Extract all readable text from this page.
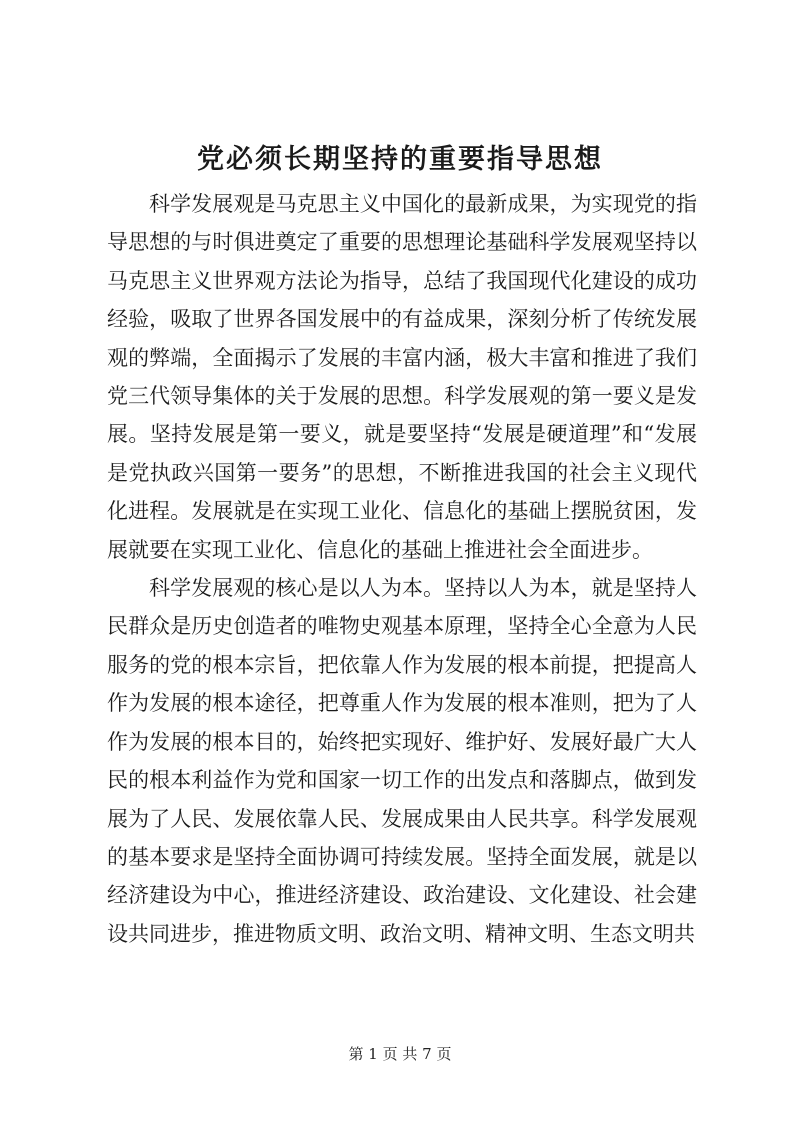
党必须长期坚持的重要指导思想

科学发展观是马克思主义中国化的最新成果，为实现党的指导思想的与时俱进奠定了重要的思想理论基础科学发展观坚持以马克思主义世界观方法论为指导，总结了我国现代化建设的成功经验，吸取了世界各国发展中的有益成果，深刻分析了传统发展观的弊端，全面揭示了发展的丰富内涵，极大丰富和推进了我们党三代领导集体的关于发展的思想。科学发展观的第一要义是发展。坚持发展是第一要义，就是要坚持“发展是硬道理”和“发展是党执政兴国第一要务”的思想，不断推进我国的社会主义现代化进程。发展就是在实现工业化、信息化的基础上摆脱贫困，发展就要在实现工业化、信息化的基础上推进社会全面进步。

科学发展观的核心是以人为本。坚持以人为本，就是坚持人民群众是历史创造者的唯物史观基本原理，坚持全心全意为人民服务的党的根本宗旨，把依靠人作为发展的根本前提，把提高人作为发展的根本途径，把尊重人作为发展的根本准则，把为了人作为发展的根本目的，始终把实现好、维护好、发展好最广大人民的根本利益作为党和国家一切工作的出发点和落脚点，做到发展为了人民、发展依靠人民、发展成果由人民共享。科学发展观的基本要求是坚持全面协调可持续发展。坚持全面发展，就是以经济建设为中心，推进经济建设、政治建设、文化建设、社会建设共同进步，推进物质文明、政治文明、精神文明、生态文明共

第 1 页 共 7 页
